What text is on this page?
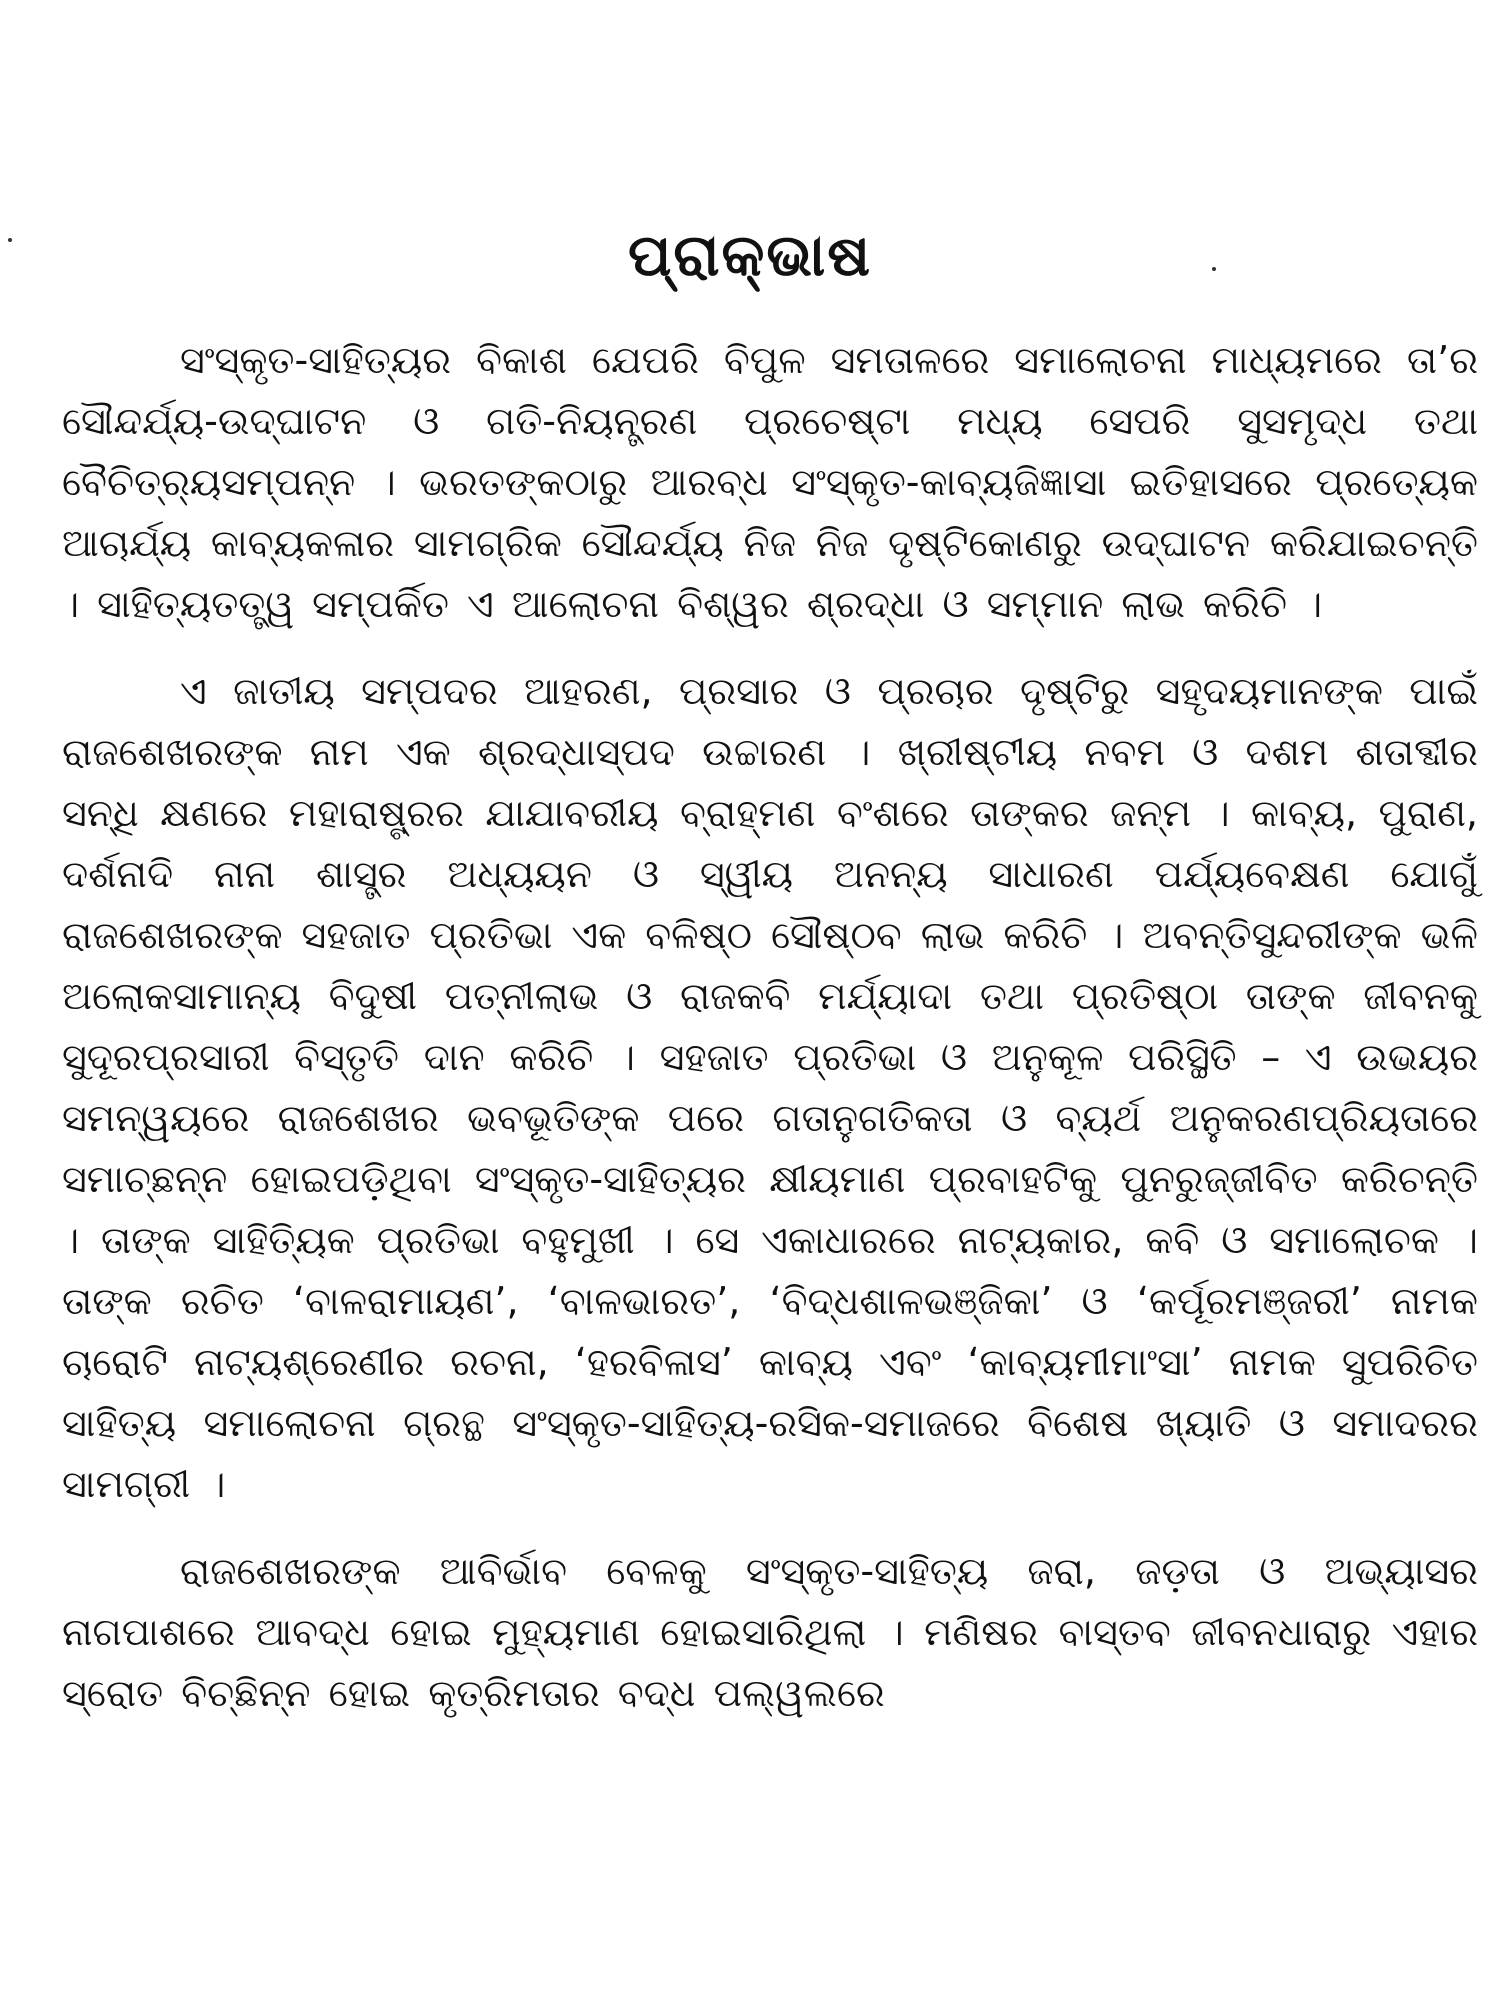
ପ୍ରାକ୍‌ଭାଷ

ସଂସ୍କୃତ-ସାହିତ୍ୟର ବିକାଶ ଯେପରି ବିପୁଳ ସମତାଳରେ ସମାଲୋଚନା ମାଧ୍ୟମରେ ତା’ର ସୌନ୍ଦର୍ଯ୍ୟ-ଉଦ୍‌ଘାଟନ ଓ ଗତି-ନିୟନ୍ତ୍ରଣ ପ୍ରଚେଷ୍ଟା ମଧ୍ୟ ସେପରି ସୁସମୃଦ୍ଧ ତଥା ବୈଚିତ୍ର୍ୟସମ୍ପନ୍ନ । ଭରତଙ୍କଠାରୁ ଆରବ୍ଧ ସଂସ୍କୃତ-କାବ୍ୟଜିଜ୍ଞାସା ଇତିହାସରେ ପ୍ରତ୍ୟେକ ଆଚାର୍ଯ୍ୟ କାବ୍ୟକଳାର ସାମଗ୍ରିକ ସୌନ୍ଦର୍ଯ୍ୟ ନିଜ ନିଜ ଦୃଷ୍ଟିକୋଣରୁ ଉଦ୍‌ଘାଟନ କରିଯାଇଚନ୍ତି । ସାହିତ୍ୟତତ୍ତ୍ୱ ସମ୍ପର୍କିତ ଏ ଆଲୋଚନା ବିଶ୍ୱର ଶ୍ରଦ୍ଧା ଓ ସମ୍ମାନ ଲାଭ କରିଚି ।

ଏ ଜାତୀୟ ସମ୍ପଦର ଆହରଣ, ପ୍ରସାର ଓ ପ୍ରଚାର ଦୃଷ୍ଟିରୁ ସହୃଦୟମାନଙ୍କ ପାଇଁ ରାଜଶେଖରଙ୍କ ନାମ ଏକ ଶ୍ରଦ୍ଧାସ୍ପଦ ଉଚ୍ଚାରଣ । ଖ୍ରୀଷ୍ଟୀୟ ନବମ ଓ ଦଶମ ଶତାବ୍ଦୀର ସନ୍ଧି କ୍ଷଣରେ ମହାରାଷ୍ଟ୍ରର ଯାଯାବରୀୟ ବ୍ରାହ୍ମଣ ବଂଶରେ ତାଙ୍କର ଜନ୍ମ । କାବ୍ୟ, ପୁରାଣ, ଦର୍ଶନାଦି ନାନା ଶାସ୍ତ୍ର ଅଧ୍ୟୟନ ଓ ସ୍ୱୀୟ ଅନନ୍ୟ ସାଧାରଣ ପର୍ଯ୍ୟବେକ୍ଷଣ ଯୋଗୁଁ ରାଜଶେଖରଙ୍କ ସହଜାତ ପ୍ରତିଭା ଏକ ବଳିଷ୍ଠ ସୌଷ୍ଠବ ଲାଭ କରିଚି । ଅବନ୍ତିସୁନ୍ଦରୀଙ୍କ ଭଳି ଅଲୋକସାମାନ୍ୟ ବିଦୁଷୀ ପତ୍ନୀଲାଭ ଓ ରାଜକବି ମର୍ଯ୍ୟାଦା ତଥା ପ୍ରତିଷ୍ଠା ତାଙ୍କ ଜୀବନକୁ ସୁଦୂରପ୍ରସାରୀ ବିସ୍ତୃତି ଦାନ କରିଚି । ସହଜାତ ପ୍ରତିଭା ଓ ଅନୁକୂଳ ପରିସ୍ଥିତି – ଏ ଉଭୟର ସମନ୍ୱୟରେ ରାଜଶେଖର ଭବଭୂତିଙ୍କ ପରେ ଗତାନୁଗତିକତା ଓ ବ୍ୟର୍ଥ ଅନୁକରଣପ୍ରିୟତାରେ ସମାଚ୍ଛନ୍ନ ହୋଇପଡ଼ିଥିବା ସଂସ୍କୃତ-ସାହିତ୍ୟର କ୍ଷୀୟମାଣ ପ୍ରବାହଟିକୁ ପୁନରୁଜ୍ଜୀବିତ କରିଚନ୍ତି । ତାଙ୍କ ସାହିତ୍ୟିକ ପ୍ରତିଭା ବହୁମୁଖୀ । ସେ ଏକାଧାରରେ ନାଟ୍ୟକାର, କବି ଓ ସମାଲୋଚକ । ତାଙ୍କ ରଚିତ ‘ବାଳରାମାୟଣ’, ‘ବାଳଭାରତ’, ‘ବିଦ୍ଧଶାଳଭଞ୍ଜିକା’ ଓ ‘କର୍ପୂରମଞ୍ଜରୀ’ ନାମକ ଚାରୋଟି ନାଟ୍ୟଶ୍ରେଣୀର ରଚନା, ‘ହରବିଳାସ’ କାବ୍ୟ ଏବଂ ‘କାବ୍ୟମୀମାଂସା’ ନାମକ ସୁପରିଚିତ ସାହିତ୍ୟ ସମାଲୋଚନା ଗ୍ରନ୍ଥ ସଂସ୍କୃତ-ସାହିତ୍ୟ-ରସିକ-ସମାଜରେ ବିଶେଷ ଖ୍ୟାତି ଓ ସମାଦରର ସାମଗ୍ରୀ ।

ରାଜଶେଖରଙ୍କ ଆବିର୍ଭାବ ବେଳକୁ ସଂସ୍କୃତ-ସାହିତ୍ୟ ଜରା, ଜଡ଼ତା ଓ ଅଭ୍ୟାସର ନାଗପାଶରେ ଆବଦ୍ଧ ହୋଇ ମୁହ୍ୟମାଣ ହୋଇସାରିଥିଲା । ମଣିଷର ବାସ୍ତବ ଜୀବନଧାରାରୁ ଏହାର ସ୍ରୋତ ବିଚ୍ଛିନ୍ନ ହୋଇ କୃତ୍ରିମତାର ବଦ୍ଧ ପଲ୍ୱଲରେ
